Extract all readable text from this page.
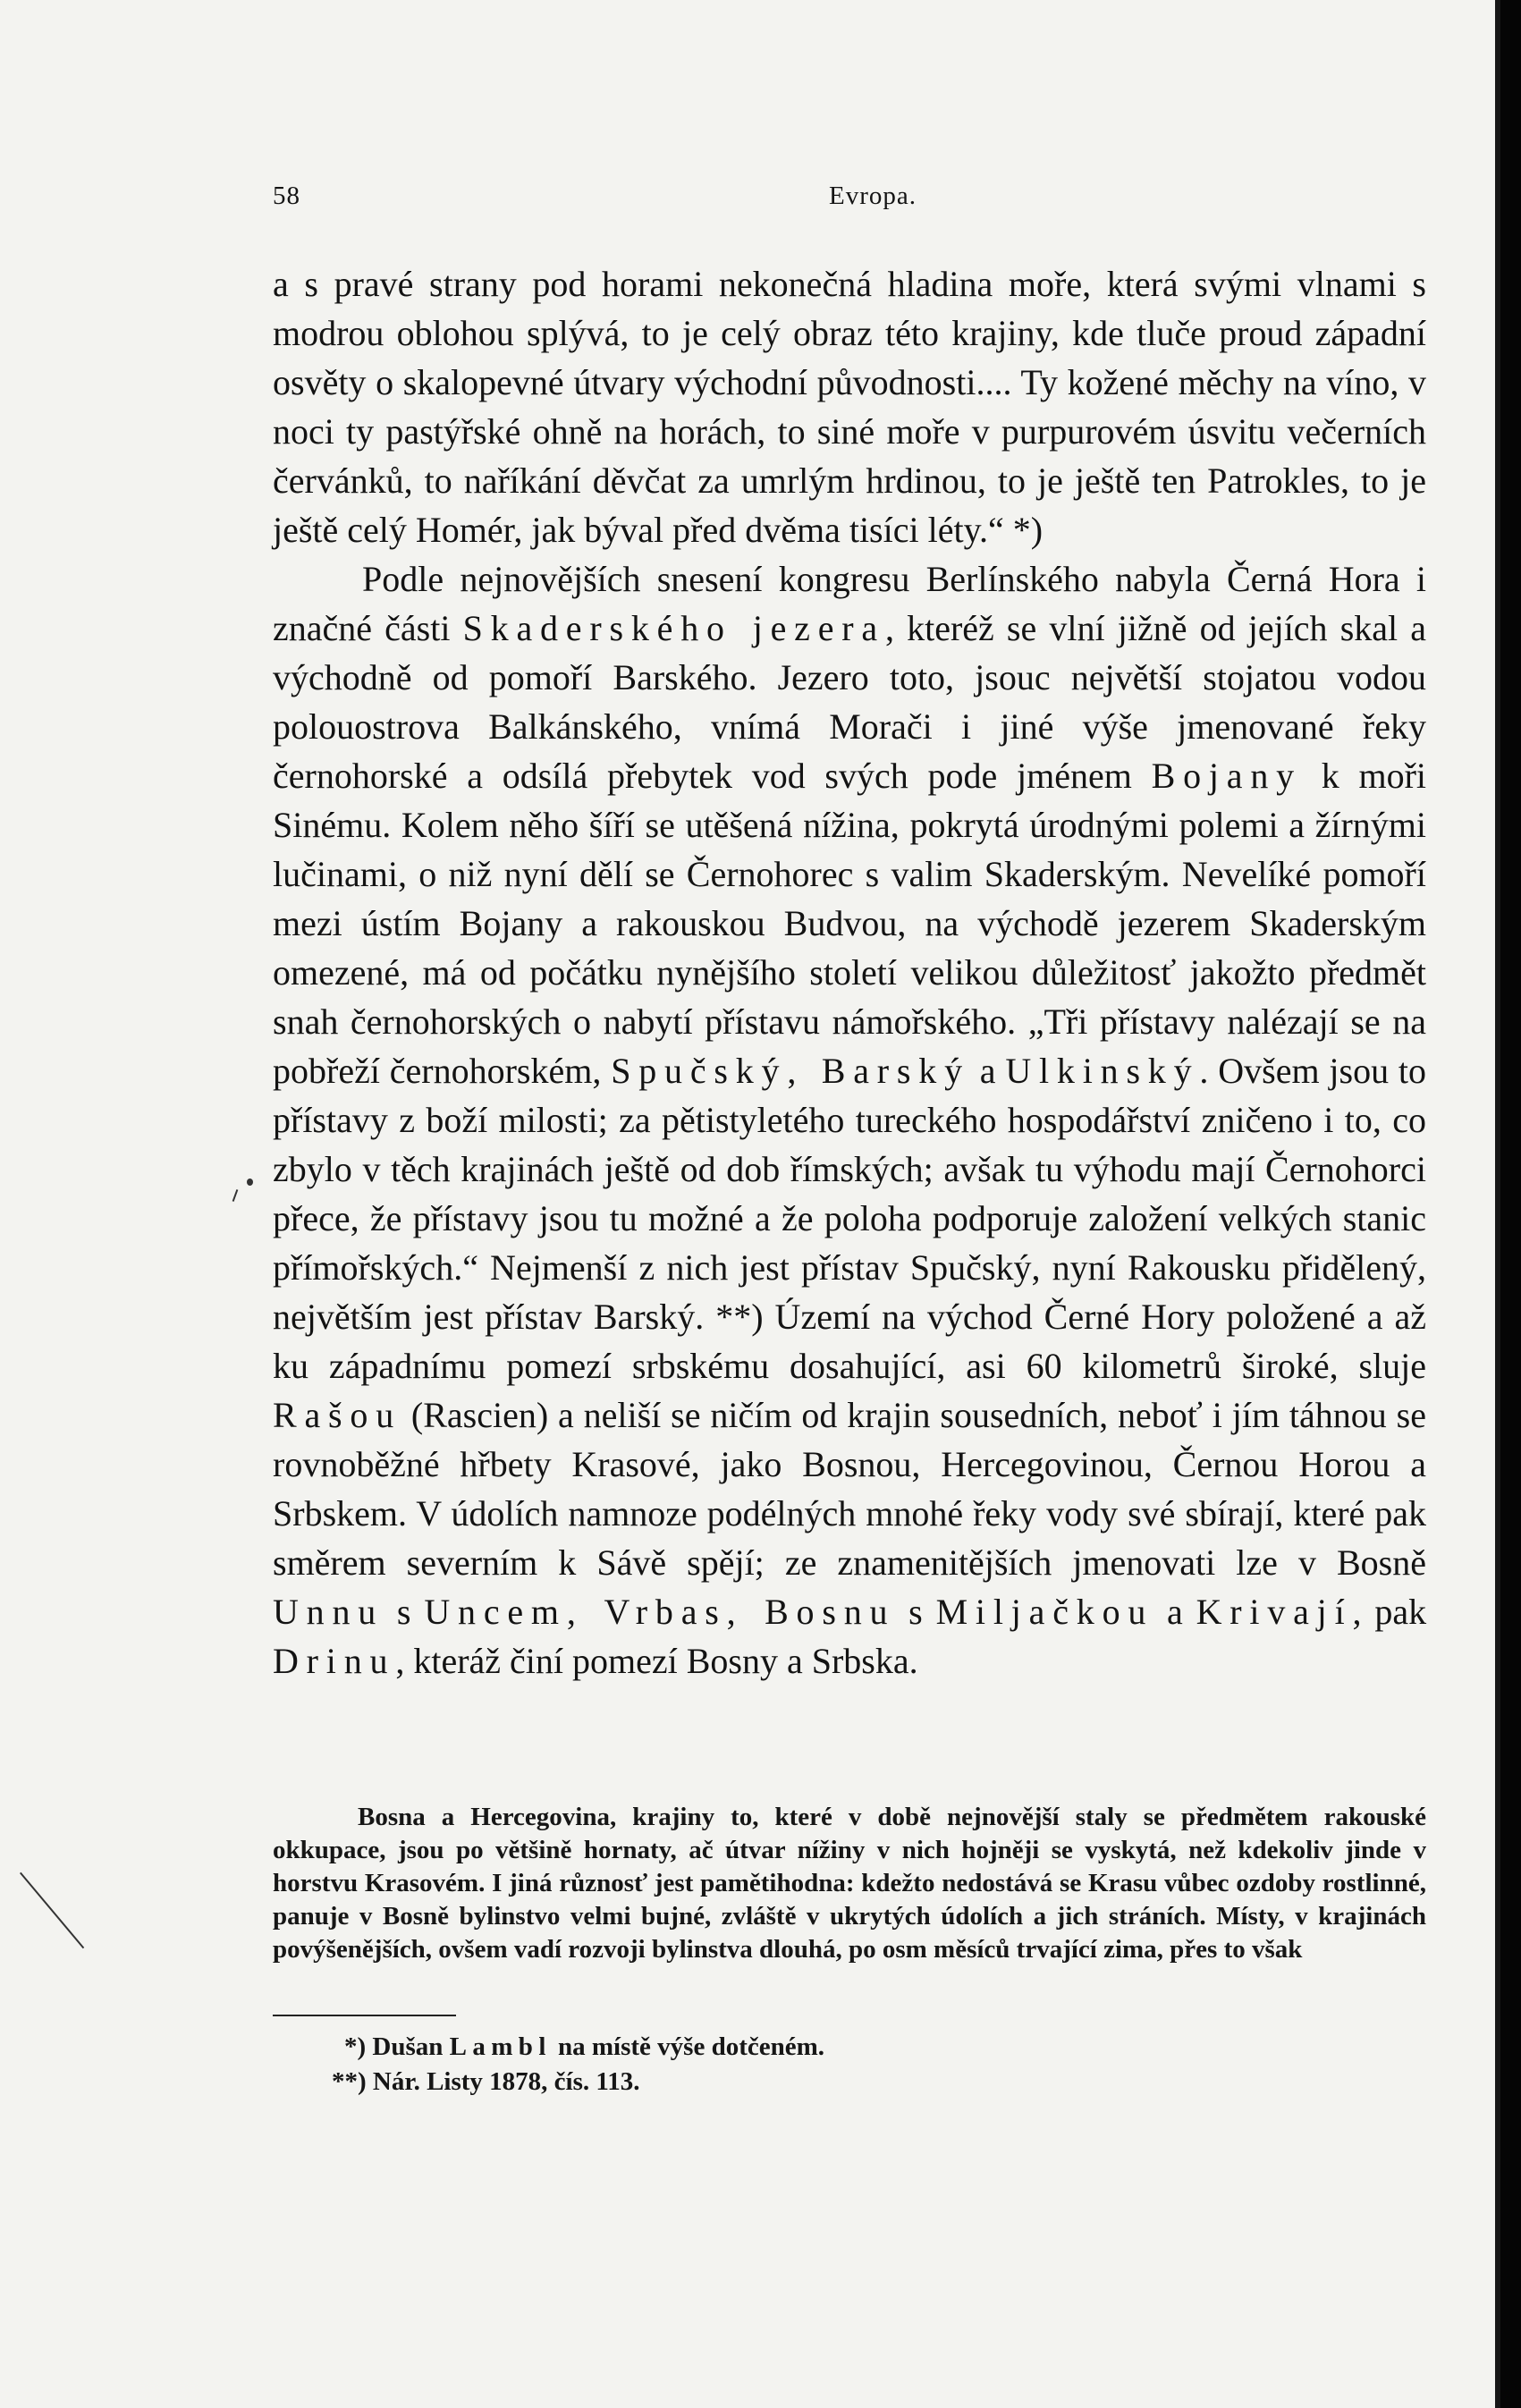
58	Evropa.

a s pravé strany pod horami nekonečná hladina moře, která svými vlnami s modrou oblohou splývá, to je celý obraz této krajiny, kde tluče proud západní osvěty o skalopevné útvary východní původnosti.... Ty kožené měchy na víno, v noci ty pastýřské ohně na horách, to siné moře v purpurovém úsvitu večerních červánků, to naříkání děvčat za umrlým hrdinou, to je ještě ten Patrokles, to je ještě celý Homér, jak býval před dvěma tisíci léty.“ *)

Podle nejnovějších snesení kongresu Berlínského nabyla Černá Hora i značné části Skaderského jezera, kteréž se vlní jižně od jejích skal a východně od pomoří Barského. Jezero toto, jsouc největší stojatou vodou polouostrova Balkánského, vnímá Morači i jiné výše jmenované řeky černohorské a odsílá přebytek vod svých pode jménem Bojany k moři Sinému. Kolem něho šíří se utěšená nížina, pokrytá úrodnými polemi a žírnými lučinami, o niž nyní dělí se Černohorec s valim Skaderským. Nevelíké pomoří mezi ústím Bojany a rakouskou Budvou, na východě jezerem Skaderským omezené, má od počátku nynějšího století velikou důležitosť jakožto předmět snah černohorských o nabytí přístavu námořského. „Tři přístavy nalézají se na pobřeží černohorském, Spučský, Barský a Ulkinský. Ovšem jsou to přístavy z boží milosti; za pětistyletého tureckého hospodářství zničeno i to, co zbylo v těch krajinách ještě od dob římských; avšak tu výhodu mají Černohorci přece, že přístavy jsou tu možné a že poloha podporuje založení velkých stanic přímořských.“ Nejmenší z nich jest přístav Spučský, nyní Rakousku přidělený, největším jest přístav Barský. **) Území na východ Černé Hory položené a až ku západnímu pomezí srbskému dosahující, asi 60 kilometrů široké, sluje Rašou (Rascien) a neliší se ničím od krajin sousedních, neboť i jím táhnou se rovnoběžné hřbety Krasové, jako Bosnou, Hercegovinou, Černou Horou a Srbskem. V údolích namnoze podélných mnohé řeky vody své sbírají, které pak směrem severním k Sávě spějí; ze znamenitějších jmenovati lze v Bosně Unnu s Uncem, Vrbas, Bosnu s Miljačkou a Krivají, pak Drinu, kteráž činí pomezí Bosny a Srbska.

Bosna a Hercegovina, krajiny to, které v době nejnovější staly se předmětem rakouské okkupace, jsou po většině hornaty, ač útvar nížiny v nich hojněji se vyskytá, než kdekoliv jinde v horstvu Krasovém. I jiná různosť jest pamětihodna: kdežto nedostává se Krasu vůbec ozdoby rostlinné, panuje v Bosně bylinstvo velmi bujné, zvláště v ukrytých údolích a jich stráních. Místy, v krajinách povýšenějších, ovšem vadí rozvoji bylinstva dlouhá, po osm měsíců trvající zima, přes to však

*) Dušan Lambl na místě výše dotčeném.
**) Nár. Listy 1878, čís. 113.
